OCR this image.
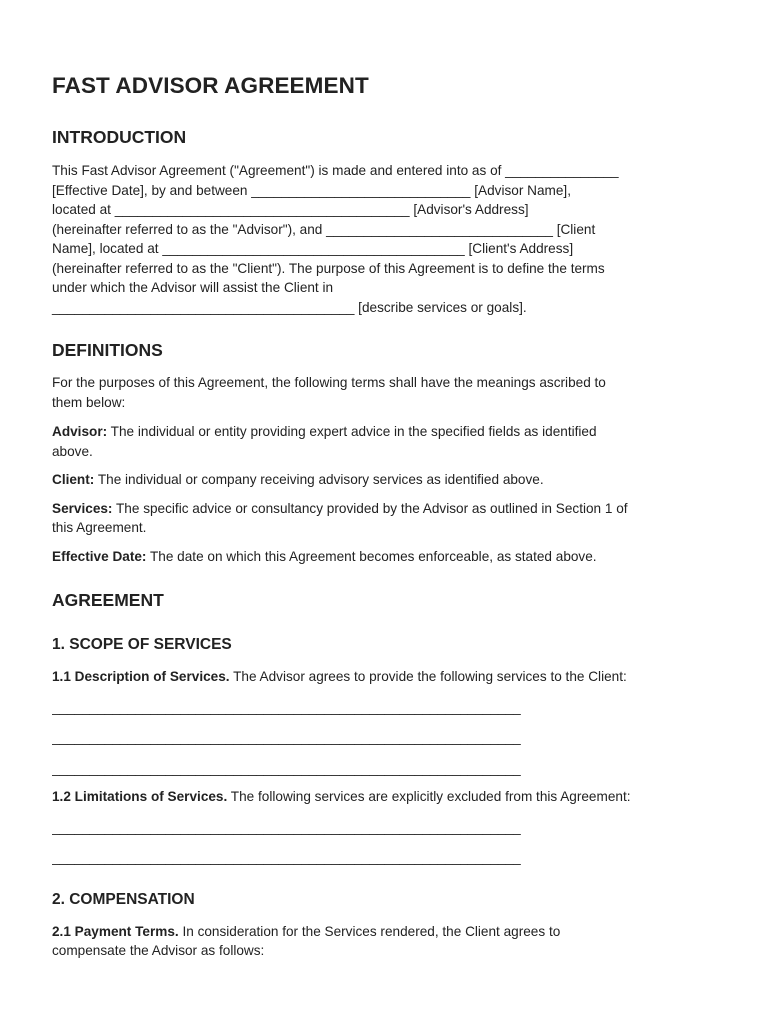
FAST ADVISOR AGREEMENT
INTRODUCTION

This Fast Advisor Agreement ("Agreement") is made and entered into as of _______________

[Effective Date], by and between _____________________________ [Advisor Name],

located at _______________________________________ [Advisor's Address]

(hereinafter referred to as the "Advisor"), and ______________________________ [Client

Name], located at ________________________________________ [Client's Address]

(hereinafter referred to as the "Client"). The purpose of this Agreement is to define the terms

under which the Advisor will assist the Client in

________________________________________ [describe services or goals].

DEFINITIONS

For the purposes of this Agreement, the following terms shall have the meanings ascribed to

them below:

Advisor: The individual or entity providing expert advice in the specified fields as identified

above.

Client: The individual or company receiving advisory services as identified above.

Services: The specific advice or consultancy provided by the Advisor as outlined in Section 1 of

this Agreement.

Effective Date: The date on which this Agreement becomes enforceable, as stated above.

AGREEMENT
1. SCOPE OF SERVICES

1.1 Description of Services. The Advisor agrees to provide the following services to the Client:

______________________________________________________________

______________________________________________________________

______________________________________________________________

1.2 Limitations of Services. The following services are explicitly excluded from this Agreement:

______________________________________________________________

______________________________________________________________

2. COMPENSATION

2.1 Payment Terms. In consideration for the Services rendered, the Client agrees to

compensate the Advisor as follows:
